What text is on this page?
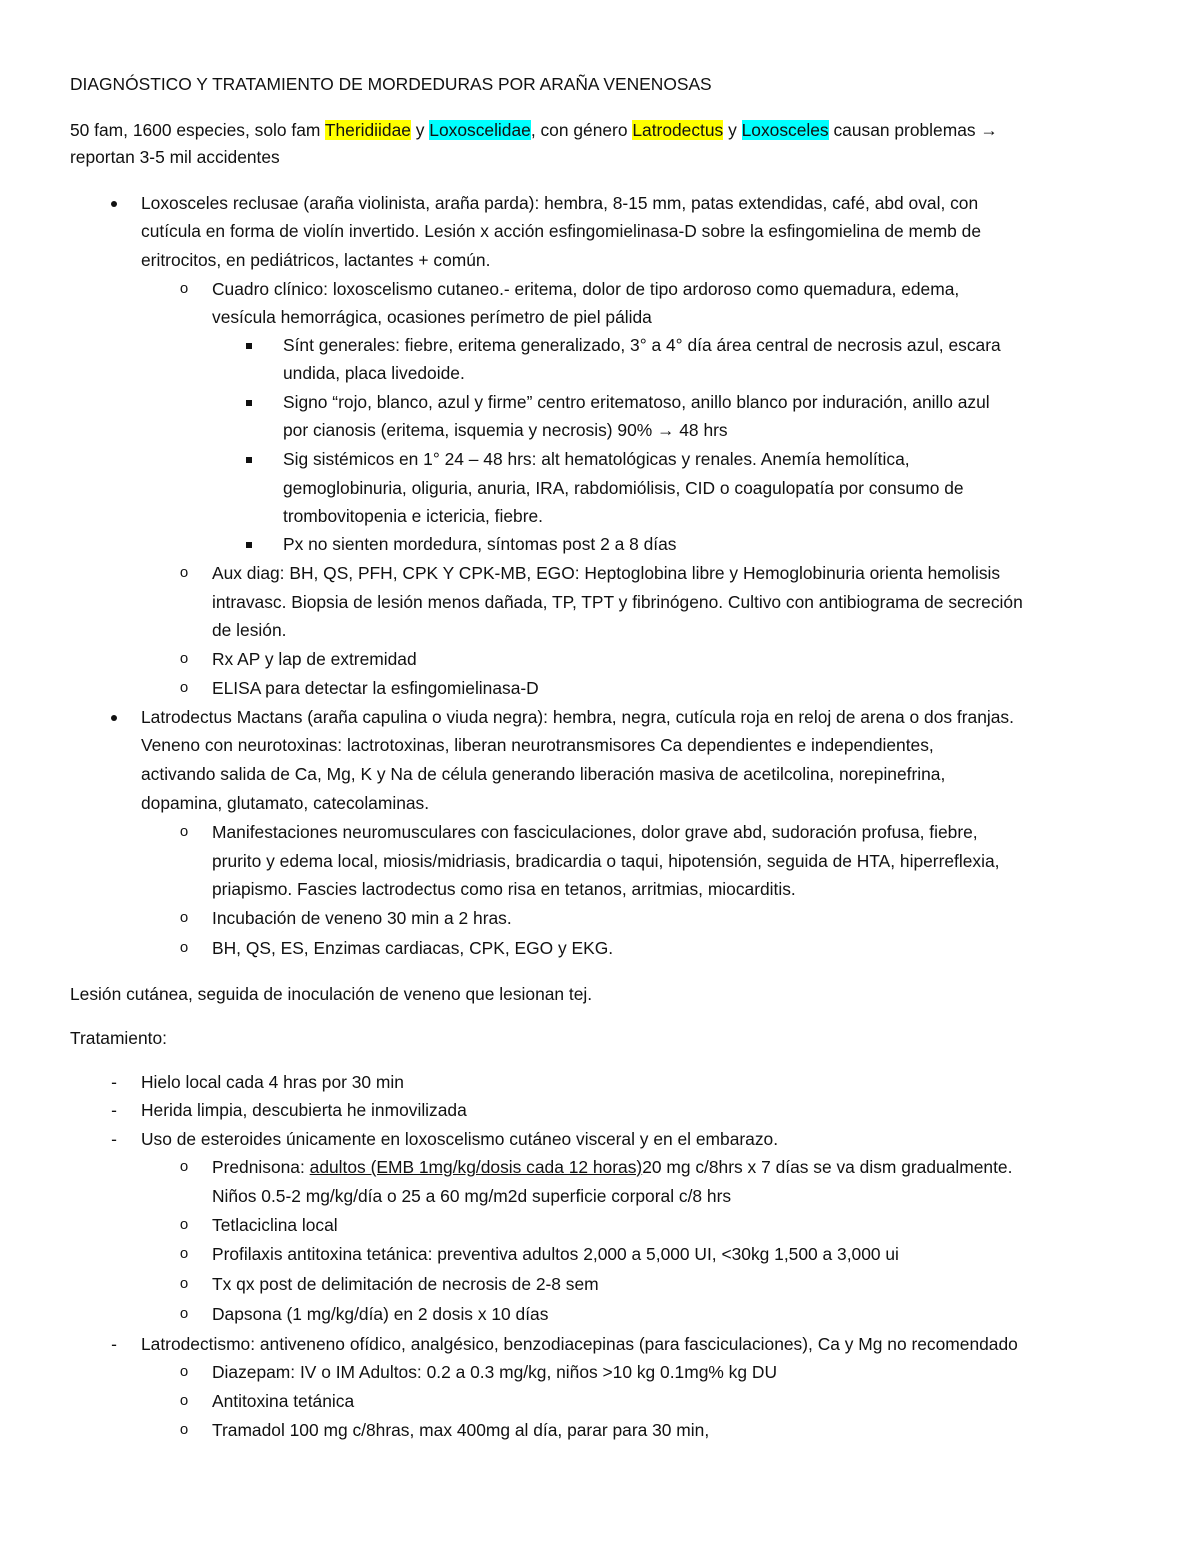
DIAGNÓSTICO Y TRATAMIENTO DE MORDEDURAS POR ARAÑA VENENOSAS
50 fam, 1600 especies, solo fam Theridiidae y Loxoscelidae, con género Latrodectus y Loxosceles causan problemas →
reportan 3-5 mil accidentes
Loxosceles reclusae (araña violinista, araña parda): hembra, 8-15 mm, patas extendidas, café, abd oval, con
cutícula en forma de violín invertido. Lesión x acción esfingomielinasa-D sobre la esfingomielina de memb de
eritrocitos, en pediátricos, lactantes + común.
o	Cuadro clínico: loxoscelismo cutaneo.- eritema, dolor de tipo ardoroso como quemadura, edema,
vesícula hemorrágica, ocasiones perímetro de piel pálida
Sínt generales: fiebre, eritema generalizado, 3° a 4° día área central de necrosis azul, escara
undida, placa livedoide.
Signo “rojo, blanco, azul y firme” centro eritematoso, anillo blanco por induración, anillo azul
por cianosis (eritema, isquemia y necrosis) 90% → 48 hrs
Sig sistémicos en 1° 24 – 48 hrs: alt hematológicas y renales. Anemía hemolítica,
gemoglobinuria, oliguria, anuria, IRA, rabdomiólisis, CID o coagulopatía por consumo de
trombovitopenia e ictericia, fiebre.
Px no sienten mordedura, síntomas post 2 a 8 días
o	Aux diag: BH, QS, PFH, CPK Y CPK-MB, EGO: Heptoglobina libre y Hemoglobinuria orienta hemolisis
intravasc. Biopsia de lesión menos dañada, TP, TPT y fibrinógeno. Cultivo con antibiograma de secreción
de lesión.
o	Rx AP y lap de extremidad
o	ELISA para detectar la esfingomielinasa-D
Latrodectus Mactans (araña capulina o viuda negra): hembra, negra, cutícula roja en reloj de arena o dos franjas.
Veneno con neurotoxinas: lactrotoxinas, liberan neurotransmisores Ca dependientes e independientes,
activando salida de Ca, Mg, K y Na de célula generando liberación masiva de acetilcolina, norepinefrina,
dopamina, glutamato, catecolaminas.
o	Manifestaciones neuromusculares con fasciculaciones, dolor grave abd, sudoración profusa, fiebre,
prurito y edema local, miosis/midriasis, bradicardia o taqui, hipotensión, seguida de HTA, hiperreflexia,
priapismo. Fascies lactrodectus como risa en tetanos, arritmias, miocarditis.
o	Incubación de veneno 30 min a 2 hras.
o	BH, QS, ES, Enzimas cardiacas, CPK, EGO y EKG.
Lesión cutánea, seguida de inoculación de veneno que lesionan tej.
Tratamiento:
-	Hielo local cada 4 hras por 30 min
-	Herida limpia, descubierta he inmovilizada
-	Uso de esteroides únicamente en loxoscelismo cutáneo visceral y en el embarazo.
o	Prednisona: adultos (EMB 1mg/kg/dosis cada 12 horas)20 mg c/8hrs x 7 días se va dism gradualmente.
Niños 0.5-2 mg/kg/día o 25 a 60 mg/m2d superficie corporal c/8 hrs
o	Tetlaciclina local
o	Profilaxis antitoxina tetánica: preventiva adultos 2,000 a 5,000 UI, <30kg 1,500 a 3,000 ui
o	Tx qx post de delimitación de necrosis de 2-8 sem
o	Dapsona (1 mg/kg/día) en 2 dosis x 10 días
-	Latrodectismo: antiveneno ofídico, analgésico, benzodiacepinas (para fasciculaciones), Ca y Mg no recomendado
o	Diazepam: IV o IM Adultos: 0.2 a 0.3 mg/kg, niños >10 kg 0.1mg% kg DU
o	Antitoxina tetánica
o	Tramadol 100 mg c/8hras, max 400mg al día, parar para 30 min,
